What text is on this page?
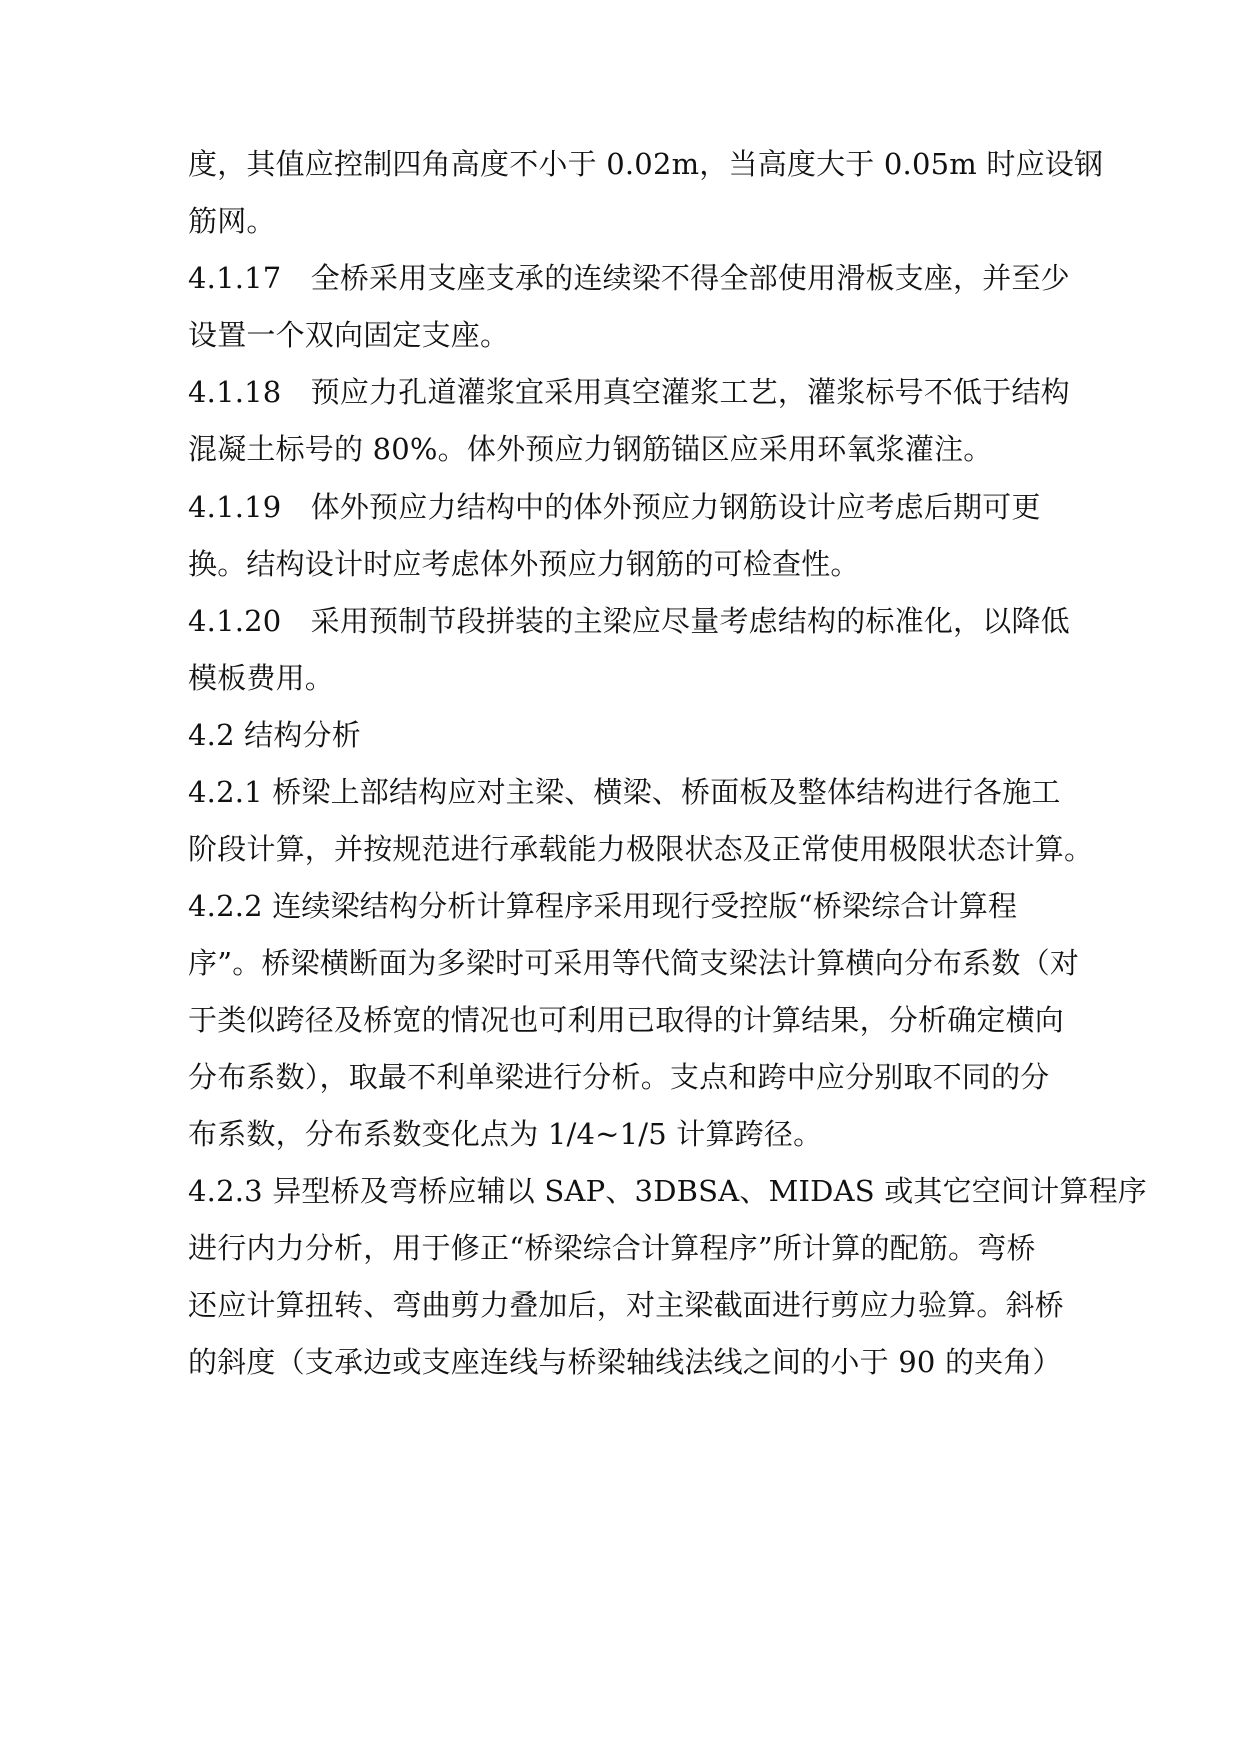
度，其值应控制四角高度不小于 0.02m，当高度大于 0.05m 时应设钢
筋网。
4.1.17　全桥采用支座支承的连续梁不得全部使用滑板支座，并至少
设置一个双向固定支座。
4.1.18　预应力孔道灌浆宜采用真空灌浆工艺，灌浆标号不低于结构
混凝土标号的 80%。体外预应力钢筋锚区应采用环氧浆灌注。
4.1.19　体外预应力结构中的体外预应力钢筋设计应考虑后期可更
换。结构设计时应考虑体外预应力钢筋的可检查性。
4.1.20　采用预制节段拼装的主梁应尽量考虑结构的标准化，以降低
模板费用。
4.2 结构分析
4.2.1 桥梁上部结构应对主梁、横梁、桥面板及整体结构进行各施工
阶段计算，并按规范进行承载能力极限状态及正常使用极限状态计算。
4.2.2 连续梁结构分析计算程序采用现行受控版“桥梁综合计算程
序”。桥梁横断面为多梁时可采用等代简支梁法计算横向分布系数（对
于类似跨径及桥宽的情况也可利用已取得的计算结果，分析确定横向
分布系数），取最不利单梁进行分析。支点和跨中应分别取不同的分
布系数，分布系数变化点为 1/4~1/5 计算跨径。
4.2.3 异型桥及弯桥应辅以 SAP、3DBSA、MIDAS 或其它空间计算程序
进行内力分析，用于修正“桥梁综合计算程序”所计算的配筋。弯桥
还应计算扭转、弯曲剪力叠加后，对主梁截面进行剪应力验算。斜桥
的斜度（支承边或支座连线与桥梁轴线法线之间的小于 90 的夹角）
